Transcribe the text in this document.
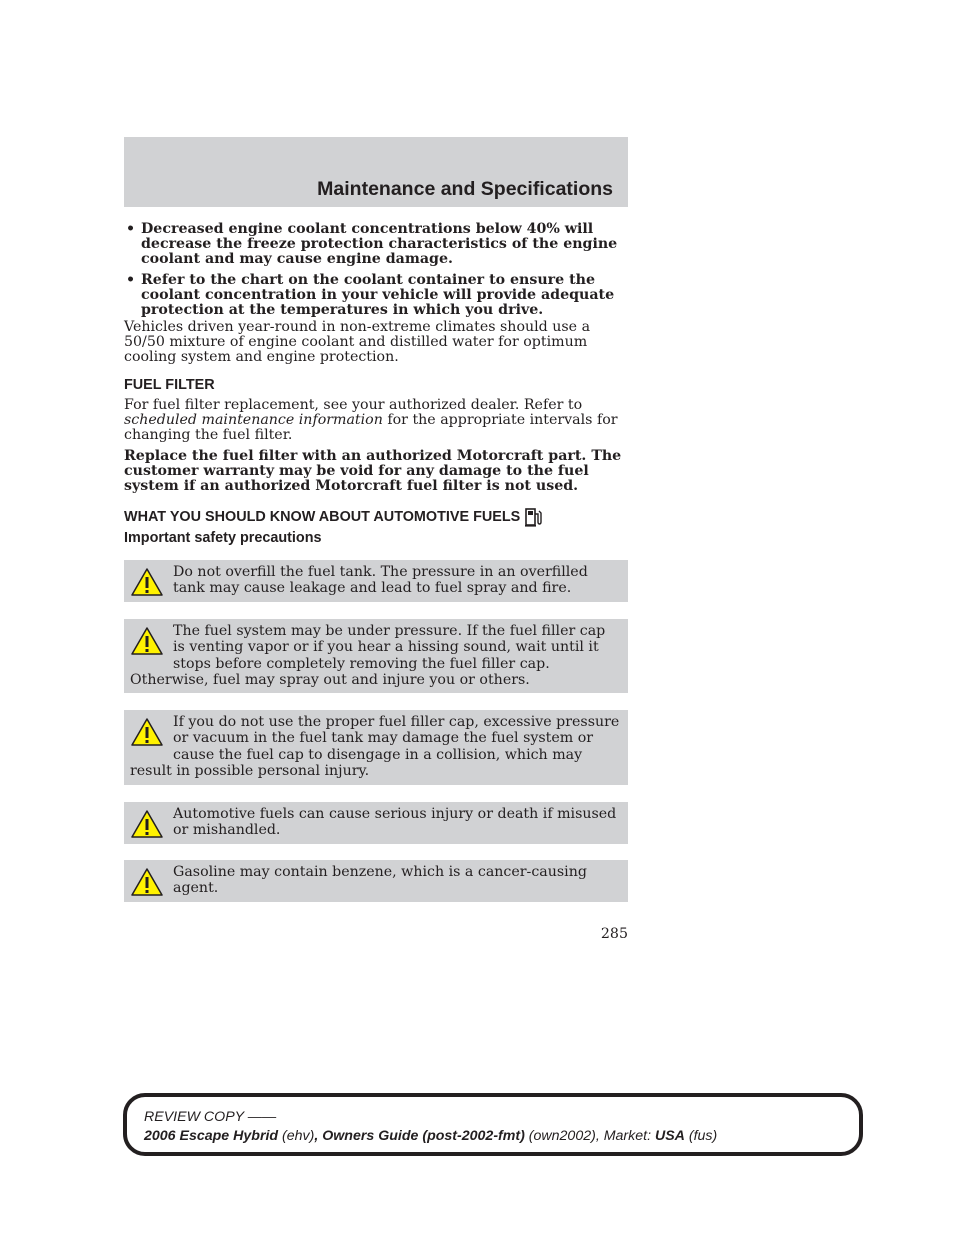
Maintenance and Specifications
• Decreased engine coolant concentrations below 40% will decrease the freeze protection characteristics of the engine coolant and may cause engine damage.
• Refer to the chart on the coolant container to ensure the coolant concentration in your vehicle will provide adequate protection at the temperatures in which you drive.

Vehicles driven year-round in non-extreme climates should use a 50/50 mixture of engine coolant and distilled water for optimum cooling system and engine protection.

FUEL FILTER

For fuel filter replacement, see your authorized dealer. Refer to scheduled maintenance information for the appropriate intervals for changing the fuel filter.

Replace the fuel filter with an authorized Motorcraft part. The customer warranty may be void for any damage to the fuel system if an authorized Motorcraft fuel filter is not used.

WHAT YOU SHOULD KNOW ABOUT AUTOMOTIVE FUELS
Important safety precautions
Do not overfill the fuel tank. The pressure in an overfilled tank may cause leakage and lead to fuel spray and fire.
The fuel system may be under pressure. If the fuel filler cap is venting vapor or if you hear a hissing sound, wait until it stops before completely removing the fuel filler cap. Otherwise, fuel may spray out and injure you or others.
If you do not use the proper fuel filler cap, excessive pressure or vacuum in the fuel tank may damage the fuel system or cause the fuel cap to disengage in a collision, which may result in possible personal injury.
Automotive fuels can cause serious injury or death if misused or mishandled.
Gasoline may contain benzene, which is a cancer-causing agent.
285
REVIEW COPY ——
2006 Escape Hybrid (ehv), Owners Guide (post-2002-fmt) (own2002), Market: USA (fus)
